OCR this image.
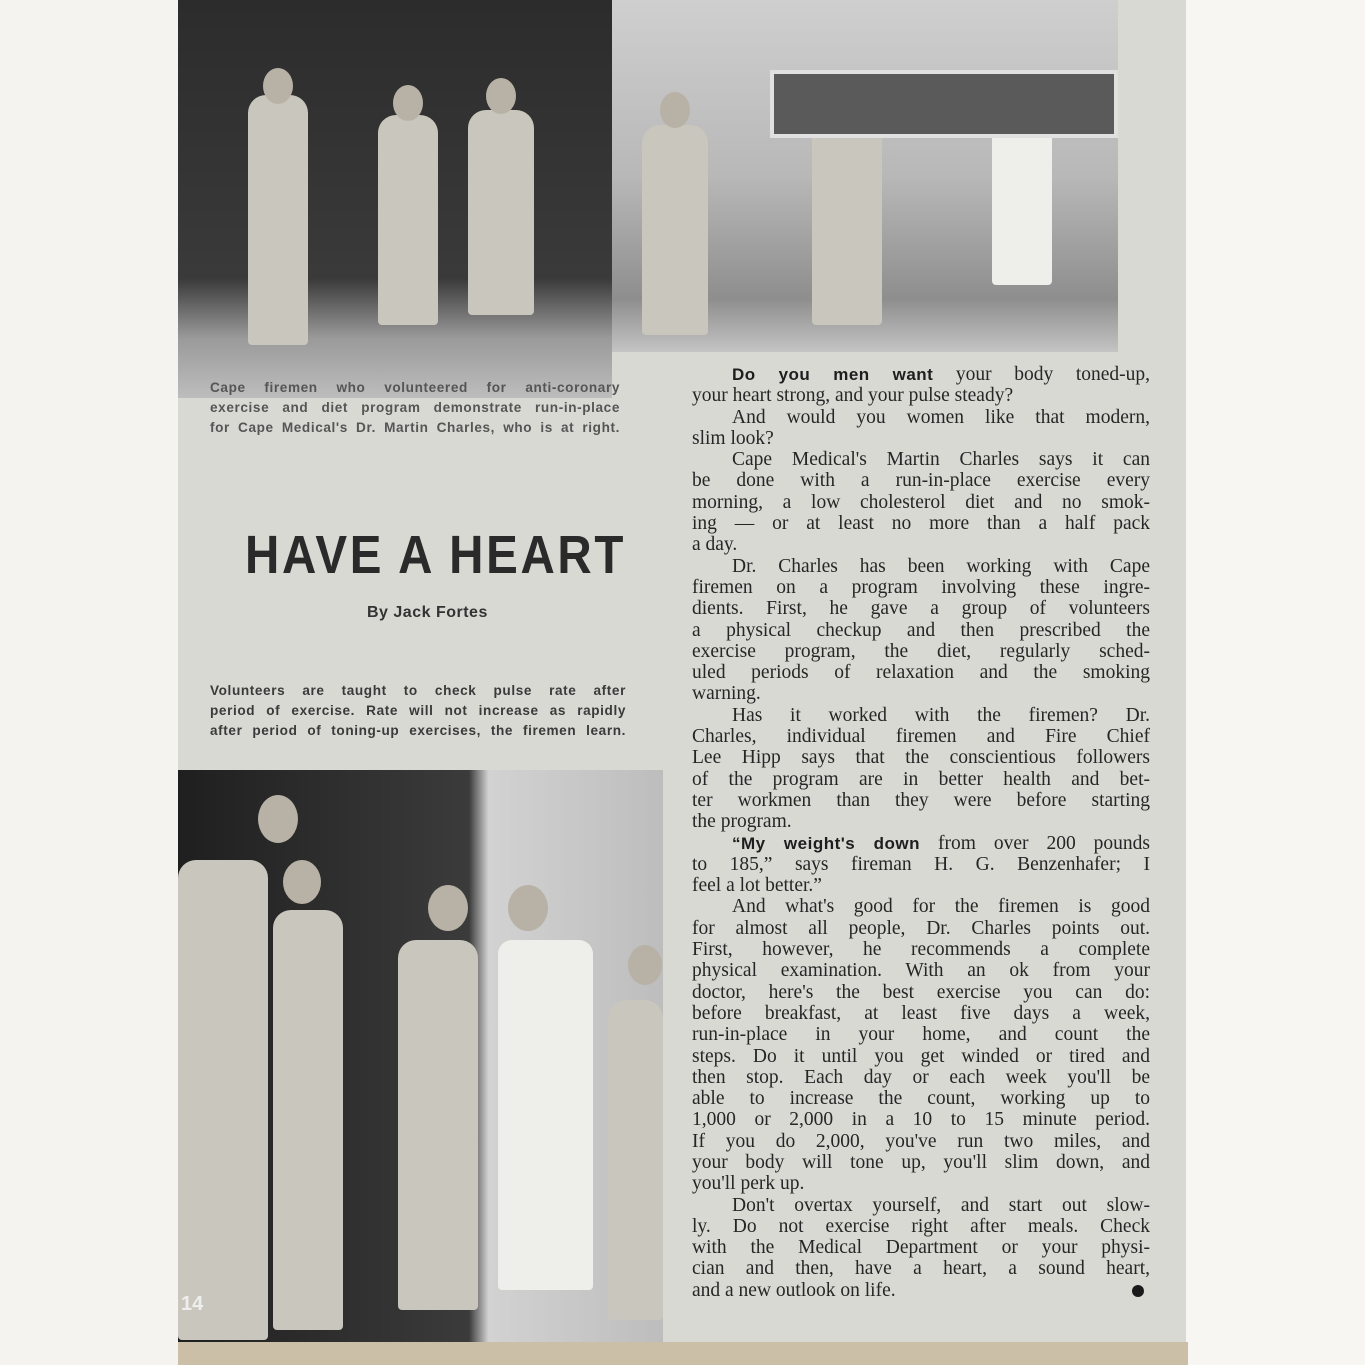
Cape firemen who volunteered for anti-coronary
exercise and diet program demonstrate run-in-place
for Cape Medical's Dr. Martin Charles, who is at right.
HAVE A HEART
By Jack Fortes
Volunteers are taught to check pulse rate after
period of exercise. Rate will not increase as rapidly
after period of toning-up exercises, the firemen learn.
14
Do you men want your body toned-up,
your heart strong, and your pulse steady?
And would you women like that modern,
slim look?
Cape Medical's Martin Charles says it can
be done with a run-in-place exercise every
morning, a low cholesterol diet and no smok-
ing — or at least no more than a half pack
a day.
Dr. Charles has been working with Cape
firemen on a program involving these ingre-
dients. First, he gave a group of volunteers
a physical checkup and then prescribed the
exercise program, the diet, regularly sched-
uled periods of relaxation and the smoking
warning.
Has it worked with the firemen? Dr.
Charles, individual firemen and Fire Chief
Lee Hipp says that the conscientious followers
of the program are in better health and bet-
ter workmen than they were before starting
the program.
“My weight's down from over 200 pounds
to 185,” says fireman H. G. Benzenhafer; I
feel a lot better.”
And what's good for the firemen is good
for almost all people, Dr. Charles points out.
First, however, he recommends a complete
physical examination. With an ok from your
doctor, here's the best exercise you can do:
before breakfast, at least five days a week,
run-in-place in your home, and count the
steps. Do it until you get winded or tired and
then stop. Each day or each week you'll be
able to increase the count, working up to
1,000 or 2,000 in a 10 to 15 minute period.
If you do 2,000, you've run two miles, and
your body will tone up, you'll slim down, and
you'll perk up.
Don't overtax yourself, and start out slow-
ly. Do not exercise right after meals. Check
with the Medical Department or your physi-
cian and then, have a heart, a sound heart,
and a new outlook on life.
